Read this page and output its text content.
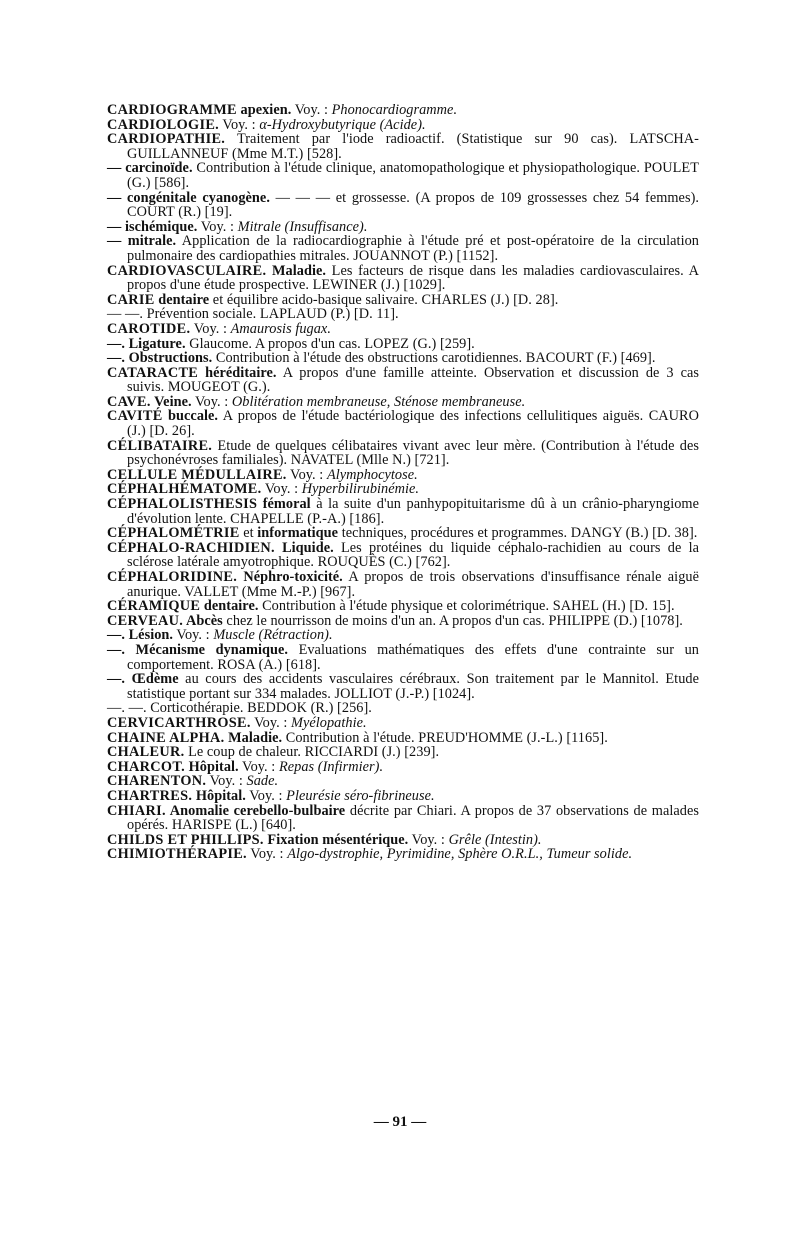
CARDIOGRAMME apexien. Voy. : Phonocardiogramme.
CARDIOLOGIE. Voy. : α-Hydroxybutyrique (Acide).
CARDIOPATHIE. Traitement par l'iode radioactif. (Statistique sur 90 cas). LATSCHA-GUILLANNEUF (Mme M.T.) [528].
— carcinoïde. Contribution à l'étude clinique, anatomopathologique et physiopathologique. POULET (G.) [586].
— congénitale cyanogène. — — — et grossesse. (A propos de 109 grossesses chez 54 femmes). COURT (R.) [19].
— ischémique. Voy. : Mitrale (Insuffisance).
— mitrale. Application de la radiocardiographie à l'étude pré et post-opératoire de la circulation pulmonaire des cardiopathies mitrales. JOUANNOT (P.) [1152].
CARDIOVASCULAIRE. Maladie. Les facteurs de risque dans les maladies cardiovasculaires. A propos d'une étude prospective. LEWINER (J.) [1029].
CARIE dentaire et équilibre acido-basique salivaire. CHARLES (J.) [D. 28].
— —. Prévention sociale. LAPLAUD (P.) [D. 11].
CAROTIDE. Voy. : Amaurosis fugax.
—. Ligature. Glaucome. A propos d'un cas. LOPEZ (G.) [259].
—. Obstructions. Contribution à l'étude des obstructions carotidiennes. BACOURT (F.) [469].
CATARACTE héréditaire. A propos d'une famille atteinte. Observation et discussion de 3 cas suivis. MOUGEOT (G.).
CAVE. Veine. Voy. : Oblitération membraneuse, Sténose membraneuse.
CAVITÉ buccale. A propos de l'étude bactériologique des infections cellulitiques aiguës. CAURO (J.) [D. 26].
CÉLIBATAIRE. Etude de quelques célibataires vivant avec leur mère. (Contribution à l'étude des psychonévroses familiales). NAVATEL (Mlle N.) [721].
CELLULE MÉDULLAIRE. Voy. : Alymphocytose.
CÉPHALHÉMATOME. Voy. : Hyperbilirubinémie.
CÉPHALOLISTHESIS fémoral à la suite d'un panhypopituitarisme dû à un crânio-pharyngiome d'évolution lente. CHAPELLE (P.-A.) [186].
CÉPHALOMÉTRIE et informatique techniques, procédures et programmes. DANGY (B.) [D. 38].
CÉPHALO-RACHIDIEN. Liquide. Les protéines du liquide céphalo-rachidien au cours de la sclérose latérale amyotrophique. ROUQUÈS (C.) [762].
CÉPHALORIDINE. Néphro-toxicité. A propos de trois observations d'insuffisance rénale aiguë anurique. VALLET (Mme M.-P.) [967].
CÉRAMIQUE dentaire. Contribution à l'étude physique et colorimétrique. SAHEL (H.) [D. 15].
CERVEAU. Abcès chez le nourrisson de moins d'un an. A propos d'un cas. PHILIPPE (D.) [1078].
—. Lésion. Voy. : Muscle (Rétraction).
—. Mécanisme dynamique. Evaluations mathématiques des effets d'une contrainte sur un comportement. ROSA (A.) [618].
—. Œdème au cours des accidents vasculaires cérébraux. Son traitement par le Mannitol. Etude statistique portant sur 334 malades. JOLLIOT (J.-P.) [1024].
—. —. Corticothérapie. BEDDOK (R.) [256].
CERVICARTHROSE. Voy. : Myélopathie.
CHAINE ALPHA. Maladie. Contribution à l'étude. PREUD'HOMME (J.-L.) [1165].
CHALEUR. Le coup de chaleur. RICCIARDI (J.) [239].
CHARCOT. Hôpital. Voy. : Repas (Infirmier).
CHARENTON. Voy. : Sade.
CHARTRES. Hôpital. Voy. : Pleurésie séro-fibrineuse.
CHIARI. Anomalie cerebello-bulbaire décrite par Chiari. A propos de 37 observations de malades opérés. HARISPE (L.) [640].
CHILDS ET PHILLIPS. Fixation mésentérique. Voy. : Grêle (Intestin).
CHIMIOTHÉRAPIE. Voy. : Algo-dystrophie, Pyrimidine, Sphère O.R.L., Tumeur solide.
— 91 —
